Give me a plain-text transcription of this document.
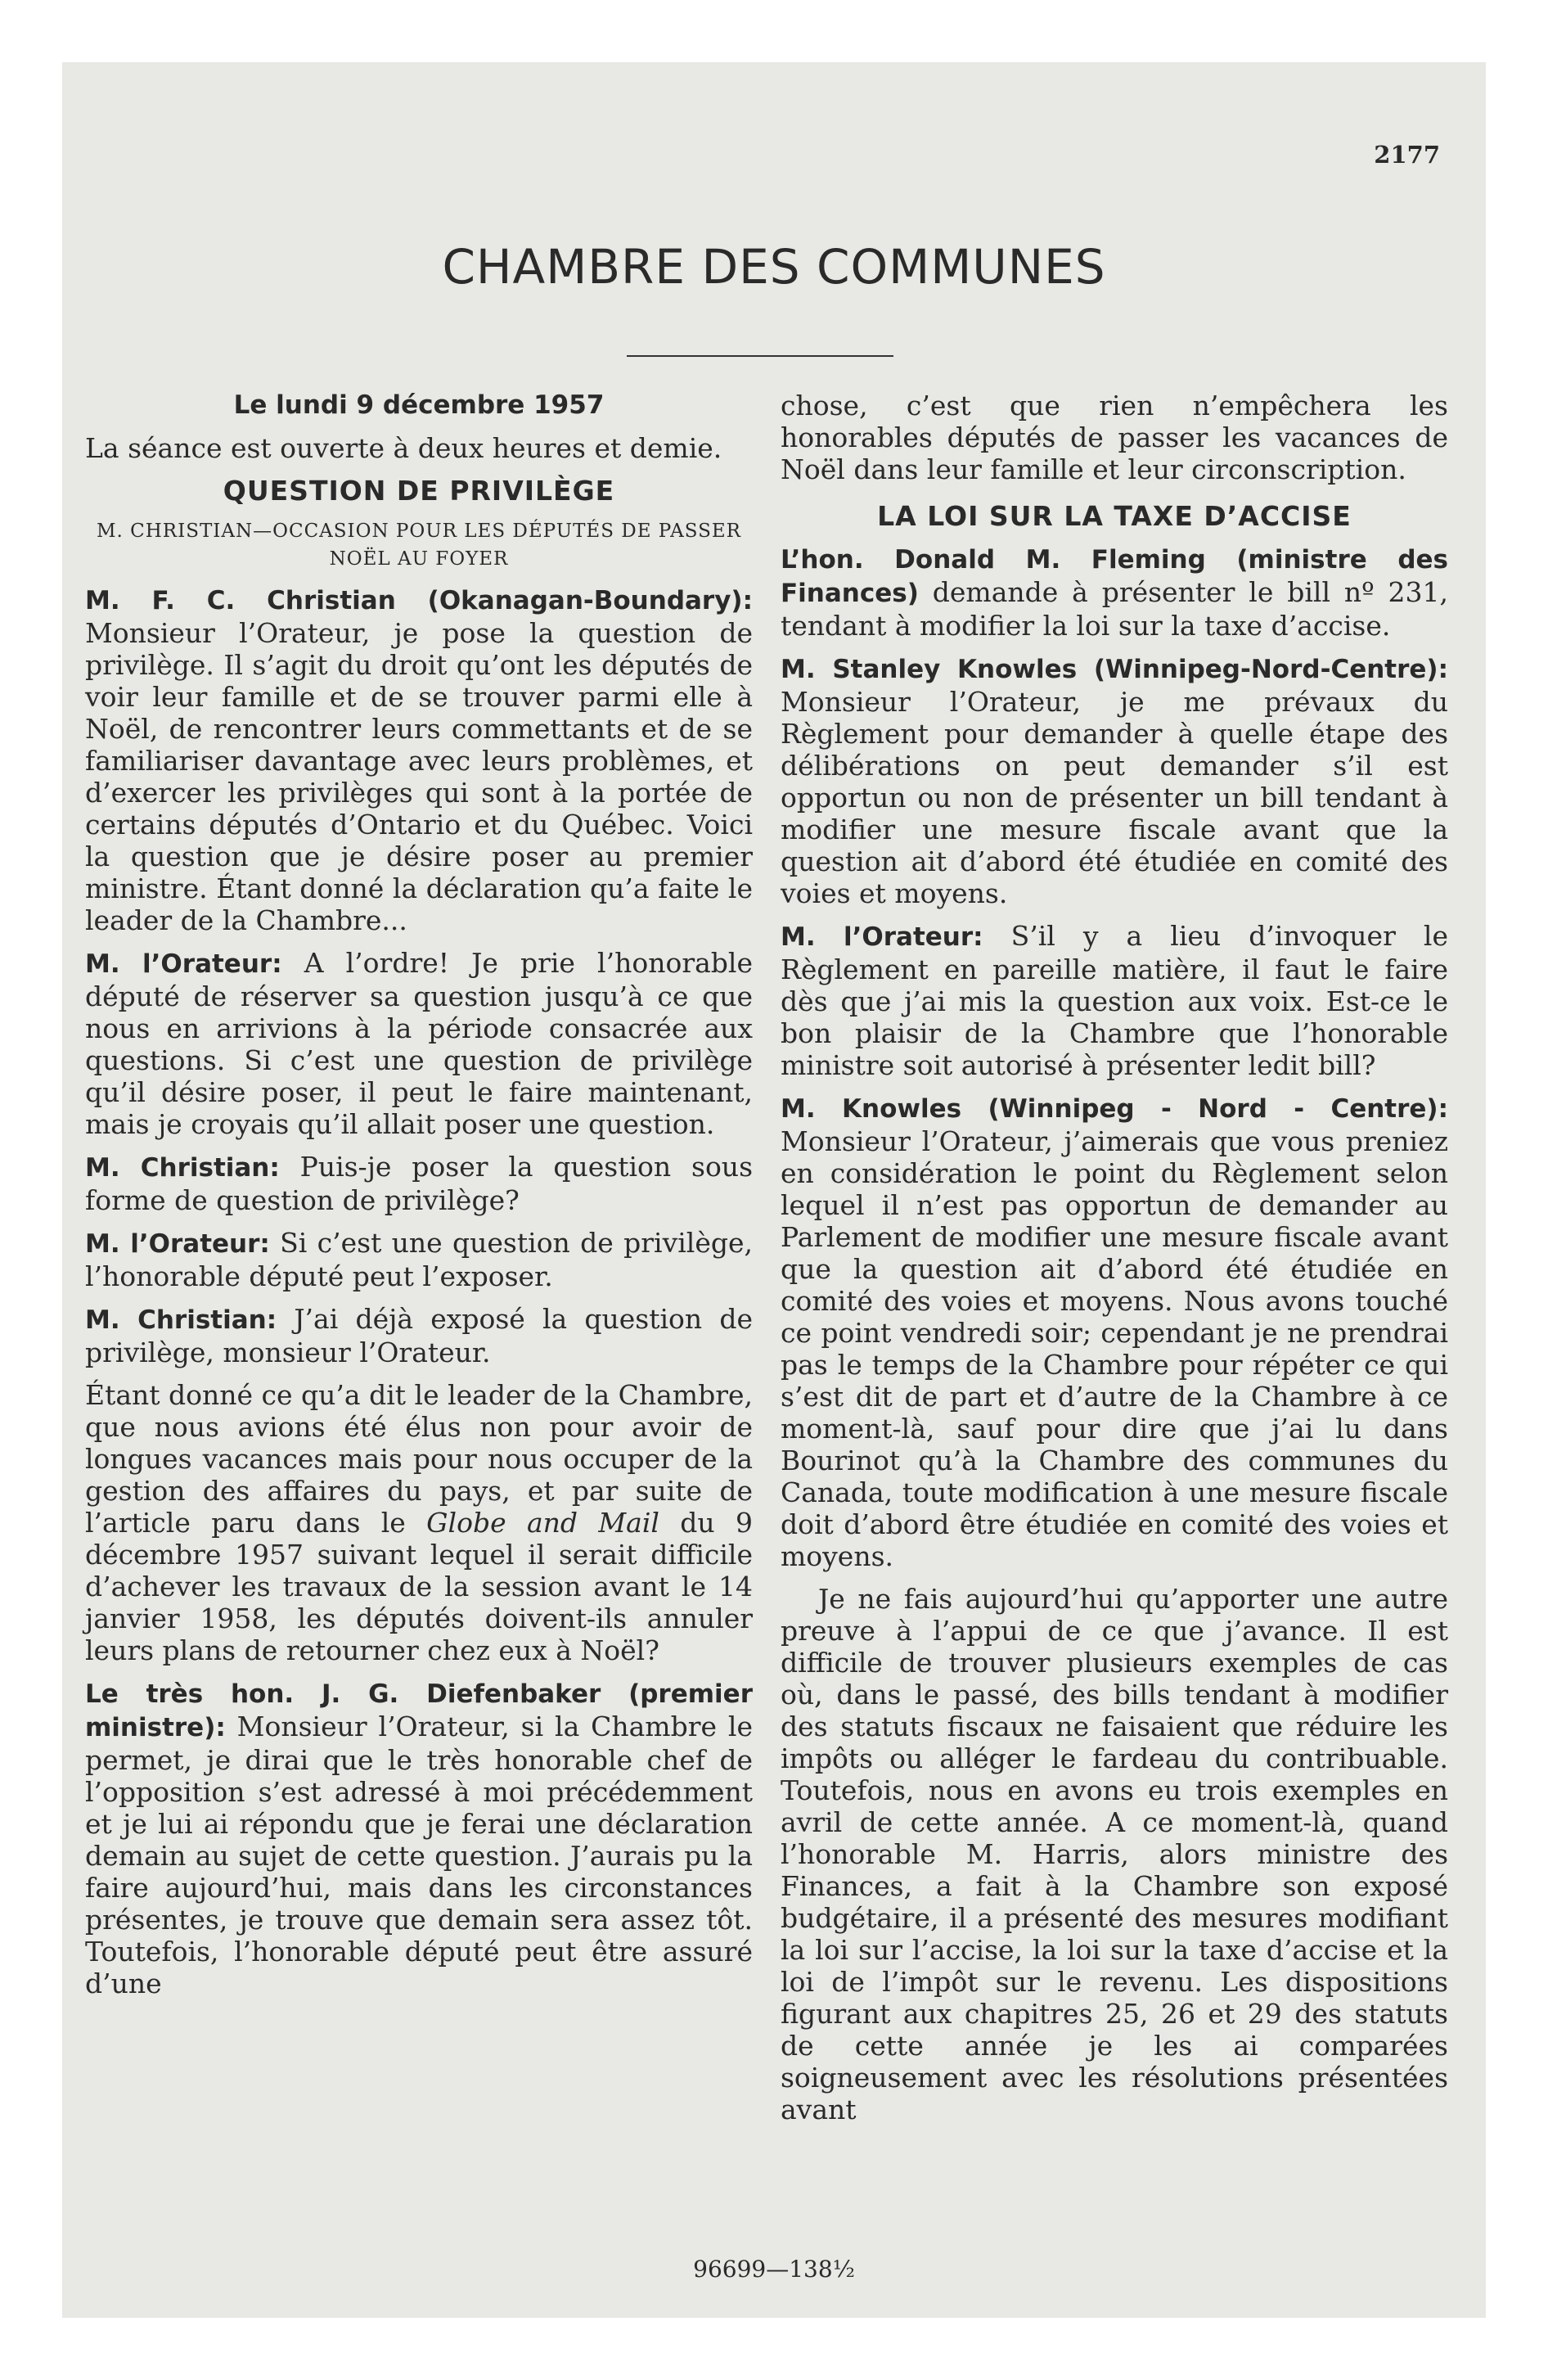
2177

CHAMBRE DES COMMUNES

Le lundi 9 décembre 1957

La séance est ouverte à deux heures et demie.

QUESTION DE PRIVILÈGE

M. CHRISTIAN—OCCASION POUR LES DÉPUTÉS DE PASSER NOËL AU FOYER

M. F. C. Christian (Okanagan-Boundary): Monsieur l’Orateur, je pose la question de privilège. Il s’agit du droit qu’ont les députés de voir leur famille et de se trouver parmi elle à Noël, de rencontrer leurs commettants et de se familiariser davantage avec leurs problèmes, et d’exercer les privilèges qui sont à la portée de certains députés d’Ontario et du Québec. Voici la question que je désire poser au premier ministre. Étant donné la déclaration qu’a faite le leader de la Chambre...

M. l’Orateur: A l’ordre! Je prie l’honorable député de réserver sa question jusqu’à ce que nous en arrivions à la période consacrée aux questions. Si c’est une question de privilège qu’il désire poser, il peut le faire maintenant, mais je croyais qu’il allait poser une question.

M. Christian: Puis-je poser la question sous forme de question de privilège?

M. l’Orateur: Si c’est une question de privilège, l’honorable député peut l’exposer.

M. Christian: J’ai déjà exposé la question de privilège, monsieur l’Orateur.

Étant donné ce qu’a dit le leader de la Chambre, que nous avions été élus non pour avoir de longues vacances mais pour nous occuper de la gestion des affaires du pays, et par suite de l’article paru dans le Globe and Mail du 9 décembre 1957 suivant lequel il serait difficile d’achever les travaux de la session avant le 14 janvier 1958, les députés doivent-ils annuler leurs plans de retourner chez eux à Noël?

Le très hon. J. G. Diefenbaker (premier ministre): Monsieur l’Orateur, si la Chambre le permet, je dirai que le très honorable chef de l’opposition s’est adressé à moi précédemment et je lui ai répondu que je ferai une déclaration demain au sujet de cette question. J’aurais pu la faire aujourd’hui, mais dans les circonstances présentes, je trouve que demain sera assez tôt. Toutefois, l’honorable député peut être assuré d’une

chose, c’est que rien n’empêchera les honorables députés de passer les vacances de Noël dans leur famille et leur circonscription.

LA LOI SUR LA TAXE D’ACCISE

L’hon. Donald M. Fleming (ministre des Finances) demande à présenter le bill nº 231, tendant à modifier la loi sur la taxe d’accise.

M. Stanley Knowles (Winnipeg-Nord-Centre): Monsieur l’Orateur, je me prévaux du Règlement pour demander à quelle étape des délibérations on peut demander s’il est opportun ou non de présenter un bill tendant à modifier une mesure fiscale avant que la question ait d’abord été étudiée en comité des voies et moyens.

M. l’Orateur: S’il y a lieu d’invoquer le Règlement en pareille matière, il faut le faire dès que j’ai mis la question aux voix. Est-ce le bon plaisir de la Chambre que l’honorable ministre soit autorisé à présenter ledit bill?

M. Knowles (Winnipeg - Nord - Centre): Monsieur l’Orateur, j’aimerais que vous preniez en considération le point du Règlement selon lequel il n’est pas opportun de demander au Parlement de modifier une mesure fiscale avant que la question ait d’abord été étudiée en comité des voies et moyens. Nous avons touché ce point vendredi soir; cependant je ne prendrai pas le temps de la Chambre pour répéter ce qui s’est dit de part et d’autre de la Chambre à ce moment-là, sauf pour dire que j’ai lu dans Bourinot qu’à la Chambre des communes du Canada, toute modification à une mesure fiscale doit d’abord être étudiée en comité des voies et moyens.

Je ne fais aujourd’hui qu’apporter une autre preuve à l’appui de ce que j’avance. Il est difficile de trouver plusieurs exemples de cas où, dans le passé, des bills tendant à modifier des statuts fiscaux ne faisaient que réduire les impôts ou alléger le fardeau du contribuable. Toutefois, nous en avons eu trois exemples en avril de cette année. A ce moment-là, quand l’honorable M. Harris, alors ministre des Finances, a fait à la Chambre son exposé budgétaire, il a présenté des mesures modifiant la loi sur l’accise, la loi sur la taxe d’accise et la loi de l’impôt sur le revenu. Les dispositions figurant aux chapitres 25, 26 et 29 des statuts de cette année je les ai comparées soigneusement avec les résolutions présentées avant

96699—138½
